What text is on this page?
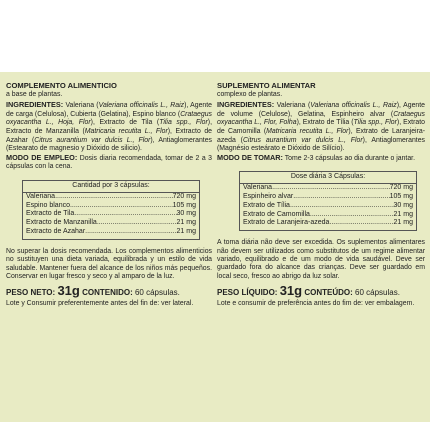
COMPLEMENTO ALIMENTICIO
a base de plantas.
INGREDIENTES: Valeriana (Valeriana officinalis L., Raiz), Agente de carga (Celulosa), Cubierta (Gelatina), Espino blanco (Crataegus oxyacantha L., Hoja, Flor), Extracto de Tila (Tilia spp., Flor), Extracto de Manzanilla (Matricaria recutita L., Flor), Extracto de Azahar (Citrus aurantium var dulcis L., Flor), Antiaglomerantes (Estearato de magnesio y Dióxido de silicio).
MODO DE EMPLEO: Dosis diaria recomendada, tomar de 2 a 3 cápsulas con la cena.
Cantidad por 3 cápsulas:
Valeriana .....	720 mg
Espino blanco .....	105 mg
Extracto de Tila .....	30 mg
Extracto de Manzanilla .....	21 mg
Extracto de Azahar .....	21 mg
No superar la dosis recomendada. Los complementos alimenticios no sustituyen una dieta variada, equilibrada y un estilo de vida saludable. Mantener fuera del alcance de los niños más pequeños. Conservar en lugar fresco y seco y al amparo de la luz.
PESO NETO: 31g CONTENIDO: 60 cápsulas.
Lote y Consumir preferentemente antes del fin de: ver lateral.
SUPLEMENTO ALIMENTAR
complexo de plantas.
INGREDIENTES: Valeriana (Valeriana officinalis L., Raiz), Agente de volume (Celulose), Gelatina, Espinheiro alvar (Crataegus oxyacantha L., Flor, Folha), Extrato de Tília (Tilia spp., Flor), Extrato de Camomilla (Matricaria recutita L., Flor), Extrato de Laranjeira-azeda (Citrus aurantium var dulcis L., Flor), Antiaglomerantes (Magnésio esteárato e Dióxido de Silício).
MODO DE TOMAR: Tome 2-3 cápsulas ao dia durante o jantar.
Dose diária 3 Cápsulas:
Valeriana .....	720 mg
Espinheiro alvar .....	105 mg
Extrato de Tília .....	30 mg
Extrato de Camomilla .....	21 mg
Extrato de Laranjeira-azeda .....	21 mg
A toma diária não deve ser excedida. Os suplementos alimentares não devem ser utilizados como substitutos de um regime alimentar variado, equilibrado e de um modo de vida saudável. Deve ser guardado fora do alcance das crianças. Deve ser guardado em local seco, fresco ao abrigo da luz solar.
PESO LÍQUIDO: 31g CONTEÚDO: 60 cápsulas.
Lote e consumir de preferência antes do fim de: ver embalagem.
